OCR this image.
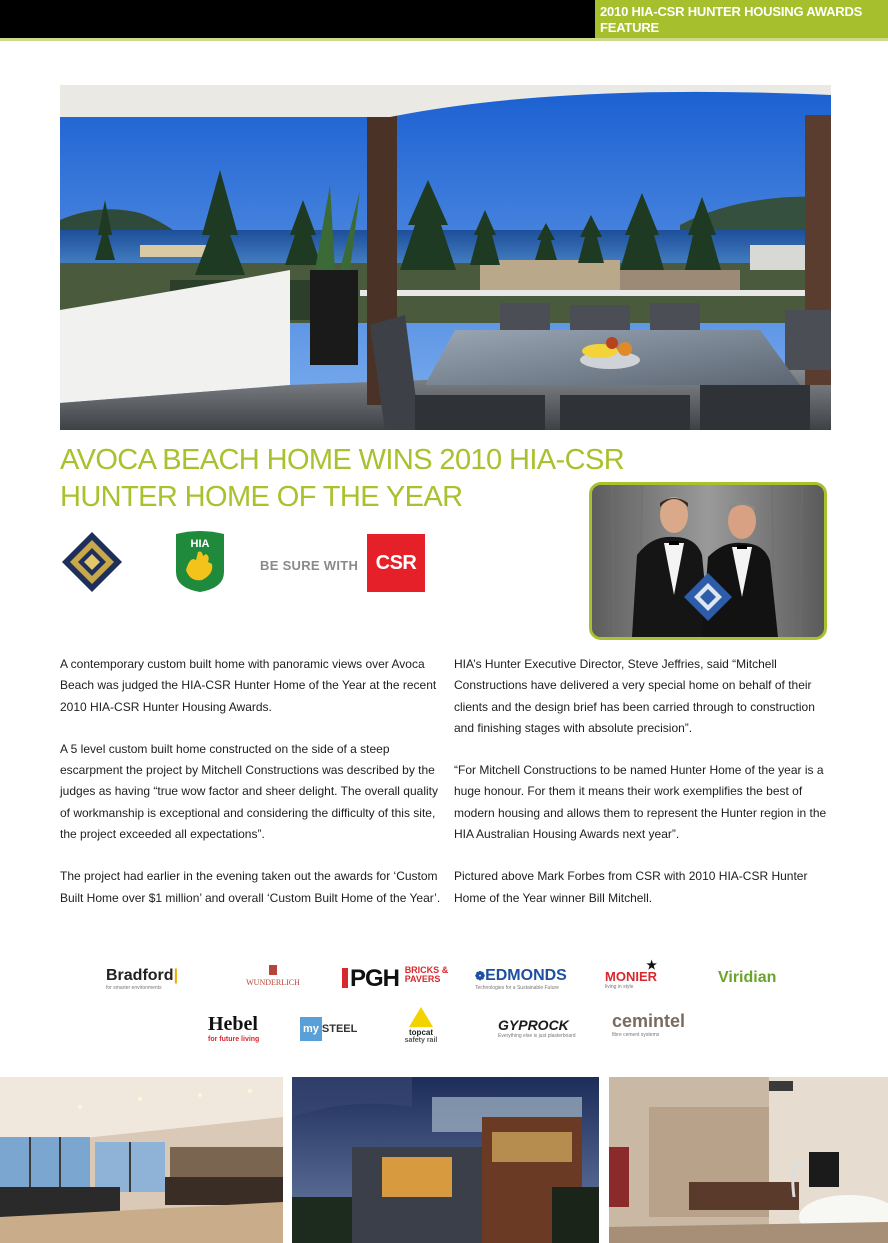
2010 HIA-CSR HUNTER HOUSING AWARDS
FEATURE
AVOCA BEACH HOME WINS 2010 HIA-CSR
HUNTER HOME OF THE YEAR
HIA
BE SURE WITH CSR

A contemporary custom built home with panoramic views over Avoca Beach was judged the HIA-CSR Hunter Home of the Year at the recent 2010 HIA-CSR Hunter Housing Awards.

A 5 level custom built home constructed on the side of a steep escarpment the project by Mitchell Constructions was described by the judges as having “true wow factor and sheer delight. The overall quality of workmanship is exceptional and considering the difficulty of this site, the project exceeded all expectations”.

The project had earlier in the evening taken out the awards for ‘Custom Built Home over $1 million’ and overall ‘Custom Built Home of the Year’.

HIA’s Hunter Executive Director, Steve Jeffries, said “Mitchell Constructions have delivered a very special home on behalf of their clients and the design brief has been carried through to construction and finishing stages with absolute precision”.

“For Mitchell Constructions to be named Hunter Home of the year is a huge honour. For them it means their work exemplifies the best of modern housing and allows them to represent the Hunter region in the HIA Australian Housing Awards next year”.

Pictured above Mark Forbes from CSR with 2010 HIA-CSR Hunter Home of the Year winner Bill Mitchell.

Bradford|
for smarter environments
WUNDERLICH	PGH BRICKS &
PAVERS	❁EDMONDS
Technologies for a Sustainable Future
★
MONIER
living in style
Viridian
Hebel
for future living
my STEEL	topcat
safety rail
GYPROCK
Everything else is just plasterboard
cemintel
fibre cement systems
